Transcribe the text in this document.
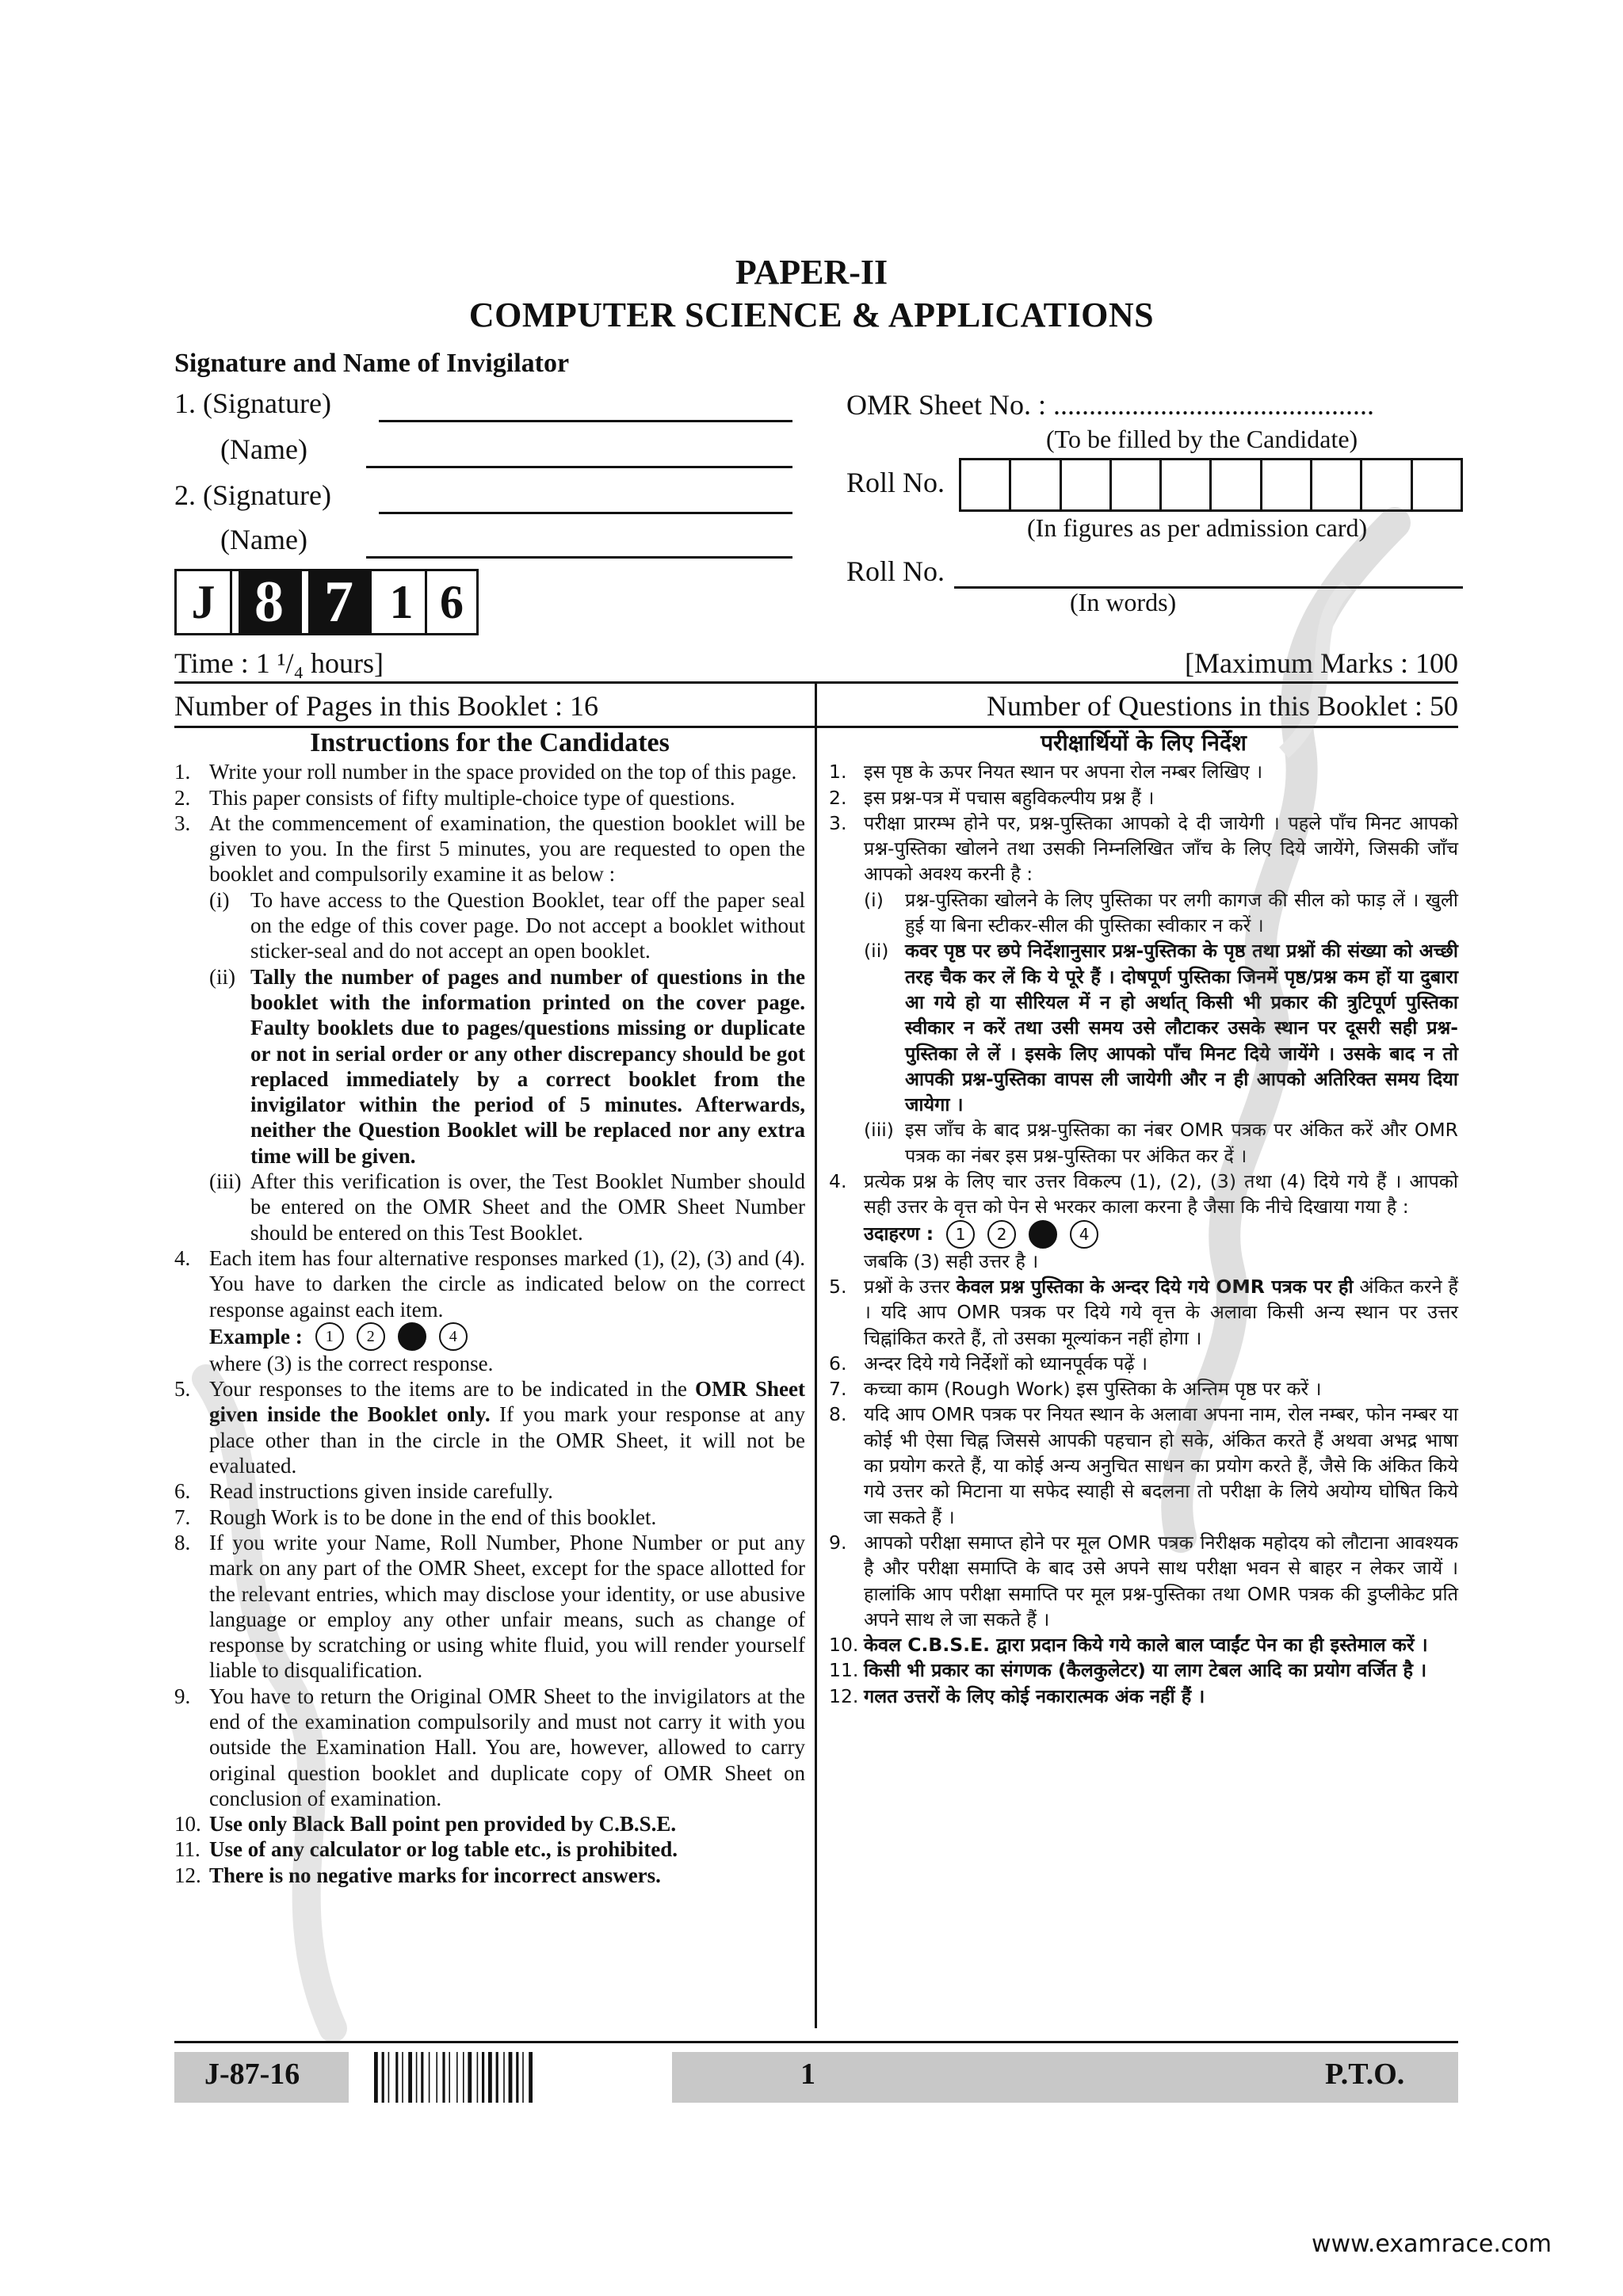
PAPER-II
COMPUTER SCIENCE & APPLICATIONS
Signature and Name of Invigilator
1. (Signature)
(Name)
2. (Signature)
(Name)
OMR Sheet No. : .............................................
(To be filled by the Candidate)
Roll No.
(In figures as per admission card)
Roll No.
(In words)
J 8 7 1 6
Time : 1 ¹/₄ hours]	[Maximum Marks : 100
Number of Pages in this Booklet : 16	Number of Questions in this Booklet : 50
Instructions for the Candidates
1. Write your roll number in the space provided on the top of this page.
2. This paper consists of fifty multiple-choice type of questions.
3. At the commencement of examination, the question booklet will be given to you. In the first 5 minutes, you are requested to open the booklet and compulsorily examine it as below :
(i) To have access to the Question Booklet, tear off the paper seal on the edge of this cover page. Do not accept a booklet without sticker-seal and do not accept an open booklet.
(ii) Tally the number of pages and number of questions in the booklet with the information printed on the cover page. Faulty booklets due to pages/questions missing or duplicate or not in serial order or any other discrepancy should be got replaced immediately by a correct booklet from the invigilator within the period of 5 minutes. Afterwards, neither the Question Booklet will be replaced nor any extra time will be given.
(iii) After this verification is over, the Test Booklet Number should be entered on the OMR Sheet and the OMR Sheet Number should be entered on this Test Booklet.
4. Each item has four alternative responses marked (1), (2), (3) and (4). You have to darken the circle as indicated below on the correct response against each item.
Example :	1	2	4
where (3) is the correct response.
5. Your responses to the items are to be indicated in the OMR Sheet given inside the Booklet only. If you mark your response at any place other than in the circle in the OMR Sheet, it will not be evaluated.
6. Read instructions given inside carefully.
7. Rough Work is to be done in the end of this booklet.
8. If you write your Name, Roll Number, Phone Number or put any mark on any part of the OMR Sheet, except for the space allotted for the relevant entries, which may disclose your identity, or use abusive language or employ any other unfair means, such as change of response by scratching or using white fluid, you will render yourself liable to disqualification.
9. You have to return the Original OMR Sheet to the invigilators at the end of the examination compulsorily and must not carry it with you outside the Examination Hall. You are, however, allowed to carry original question booklet and duplicate copy of OMR Sheet on conclusion of examination.
10. Use only Black Ball point pen provided by C.B.S.E.
11. Use of any calculator or log table etc., is prohibited.
12. There is no negative marks for incorrect answers.
परीक्षार्थियों के लिए निर्देश
1. इस पृष्ठ के ऊपर नियत स्थान पर अपना रोल नम्बर लिखिए ।
2. इस प्रश्न-पत्र में पचास बहुविकल्पीय प्रश्न हैं ।
3. परीक्षा प्रारम्भ होने पर, प्रश्न-पुस्तिका आपको दे दी जायेगी । पहले पाँच मिनट आपको प्रश्न-पुस्तिका खोलने तथा उसकी निम्नलिखित जाँच के लिए दिये जायेंगे, जिसकी जाँच आपको अवश्य करनी है :
(i)	प्रश्न-पुस्तिका खोलने के लिए पुस्तिका पर लगी कागज की सील को फाड़ लें । खुली हुई या बिना स्टीकर-सील की पुस्तिका स्वीकार न करें ।
(ii) कवर पृष्ठ पर छपे निर्देशानुसार प्रश्न-पुस्तिका के पृष्ठ तथा प्रश्नों की संख्या को अच्छी तरह चैक कर लें कि ये पूरे हैं । दोषपूर्ण पुस्तिका जिनमें पृष्ठ/प्रश्न कम हों या दुबारा आ गये हो या सीरियल में न हो अर्थात् किसी भी प्रकार की त्रुटिपूर्ण पुस्तिका स्वीकार न करें तथा उसी समय उसे लौटाकर उसके स्थान पर दूसरी सही प्रश्न-पुस्तिका ले लें । इसके लिए आपको पाँच मिनट दिये जायेंगे । उसके बाद न तो आपकी प्रश्न-पुस्तिका वापस ली जायेगी और न ही आपको अतिरिक्त समय दिया जायेगा ।
(iii) इस जाँच के बाद प्रश्न-पुस्तिका का नंबर OMR पत्रक पर अंकित करें और OMR पत्रक का नंबर इस प्रश्न-पुस्तिका पर अंकित कर दें ।
4. प्रत्येक प्रश्न के लिए चार उत्तर विकल्प (1), (2), (3) तथा (4) दिये गये हैं । आपको सही उत्तर के वृत्त को पेन से भरकर काला करना है जैसा कि नीचे दिखाया गया है :
उदाहरण :	1	2	4
जबकि (3) सही उत्तर है ।
5. प्रश्नों के उत्तर केवल प्रश्न पुस्तिका के अन्दर दिये गये OMR पत्रक पर ही अंकित करने हैं । यदि आप OMR पत्रक पर दिये गये वृत्त के अलावा किसी अन्य स्थान पर उत्तर चिह्नांकित करते हैं, तो उसका मूल्यांकन नहीं होगा ।
6. अन्दर दिये गये निर्देशों को ध्यानपूर्वक पढ़ें ।
7. कच्चा काम (Rough Work) इस पुस्तिका के अन्तिम पृष्ठ पर करें ।
8. यदि आप OMR पत्रक पर नियत स्थान के अलावा अपना नाम, रोल नम्बर, फोन नम्बर या कोई भी ऐसा चिह्न जिससे आपकी पहचान हो सके, अंकित करते हैं अथवा अभद्र भाषा का प्रयोग करते हैं, या कोई अन्य अनुचित साधन का प्रयोग करते हैं, जैसे कि अंकित किये गये उत्तर को मिटाना या सफेद स्याही से बदलना तो परीक्षा के लिये अयोग्य घोषित किये जा सकते हैं ।
9. आपको परीक्षा समाप्त होने पर मूल OMR पत्रक निरीक्षक महोदय को लौटाना आवश्यक है और परीक्षा समाप्ति के बाद उसे अपने साथ परीक्षा भवन से बाहर न लेकर जायें । हालांकि आप परीक्षा समाप्ति पर मूल प्रश्न-पुस्तिका तथा OMR पत्रक की डुप्लीकेट प्रति अपने साथ ले जा सकते हैं ।
10. केवल C.B.S.E. द्वारा प्रदान किये गये काले बाल प्वाईंट पेन का ही इस्तेमाल करें ।
11. किसी भी प्रकार का संगणक (कैलकुलेटर) या लाग टेबल आदि का प्रयोग वर्जित है ।
12. गलत उत्तरों के लिए कोई नकारात्मक अंक नहीं हैं ।
J-87-16	1	P.T.O.
www.examrace.com
